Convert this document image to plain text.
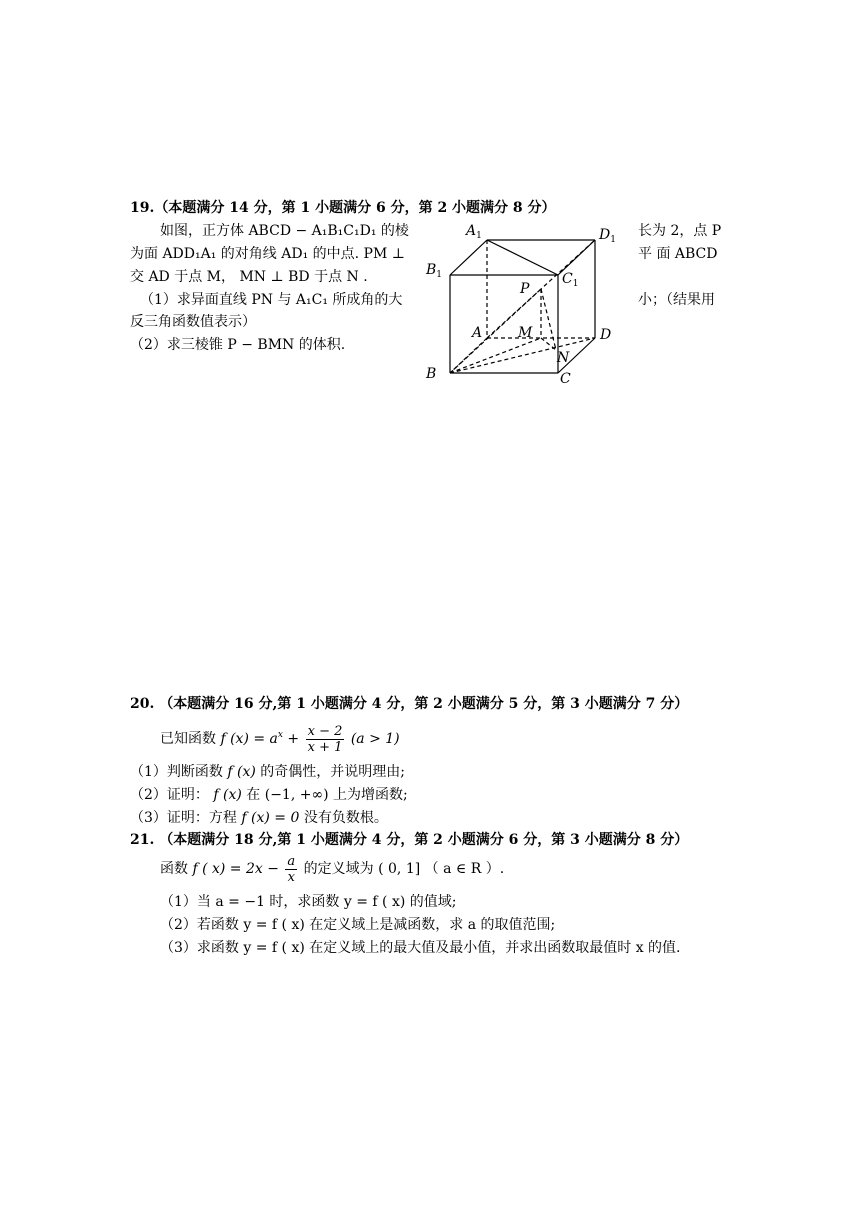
19.（本题满分 14 分，第 1 小题满分 6 分，第 2 小题满分 8 分）
如图，正方体 ABCD − A₁B₁C₁D₁ 的棱	长为 2，点 P
为面 ADD₁A₁ 的对角线 AD₁ 的中点. PM ⊥	平 面 ABCD
交 AD 于点 M， MN ⊥ BD 于点 N .
（1）求异面直线 PN 与 A₁C₁ 所成角的大	小；（结果用
反三角函数值表示）
（2）求三棱锥 P − BMN 的体积.
$A_1$	$D_1$
$B_1$	$C_1$
P
A	M	D
N
B	C
20. （本题满分 16 分,第 1 小题满分 4 分，第 2 小题满分 5 分，第 3 小题满分 7 分）
已知函数 f $(x) = a^x + \frac{x - 2}{x + 1} (a > 1)$
（1）判断函数 f (x) 的奇偶性，并说明理由;
（2）证明： f (x) 在 (−1, +∞) 上为增函数;
（3）证明：方程 f (x) = 0 没有负数根。
21. （本题满分 18 分,第 1 小题满分 4 分，第 2 小题满分 6 分，第 3 小题满分 8 分）
函数 f ( $x) = 2x - \frac{a}{x}$ 的定义域为 ( 0, 1] （ a ∈ R ）.
（1）当 a = −1 时，求函数 y = f ( x) 的值域;
（2）若函数 y = f ( x) 在定义域上是减函数，求 a 的取值范围;
（3）求函数 y = f ( x) 在定义域上的最大值及最小值，并求出函数取最值时 x 的值.
